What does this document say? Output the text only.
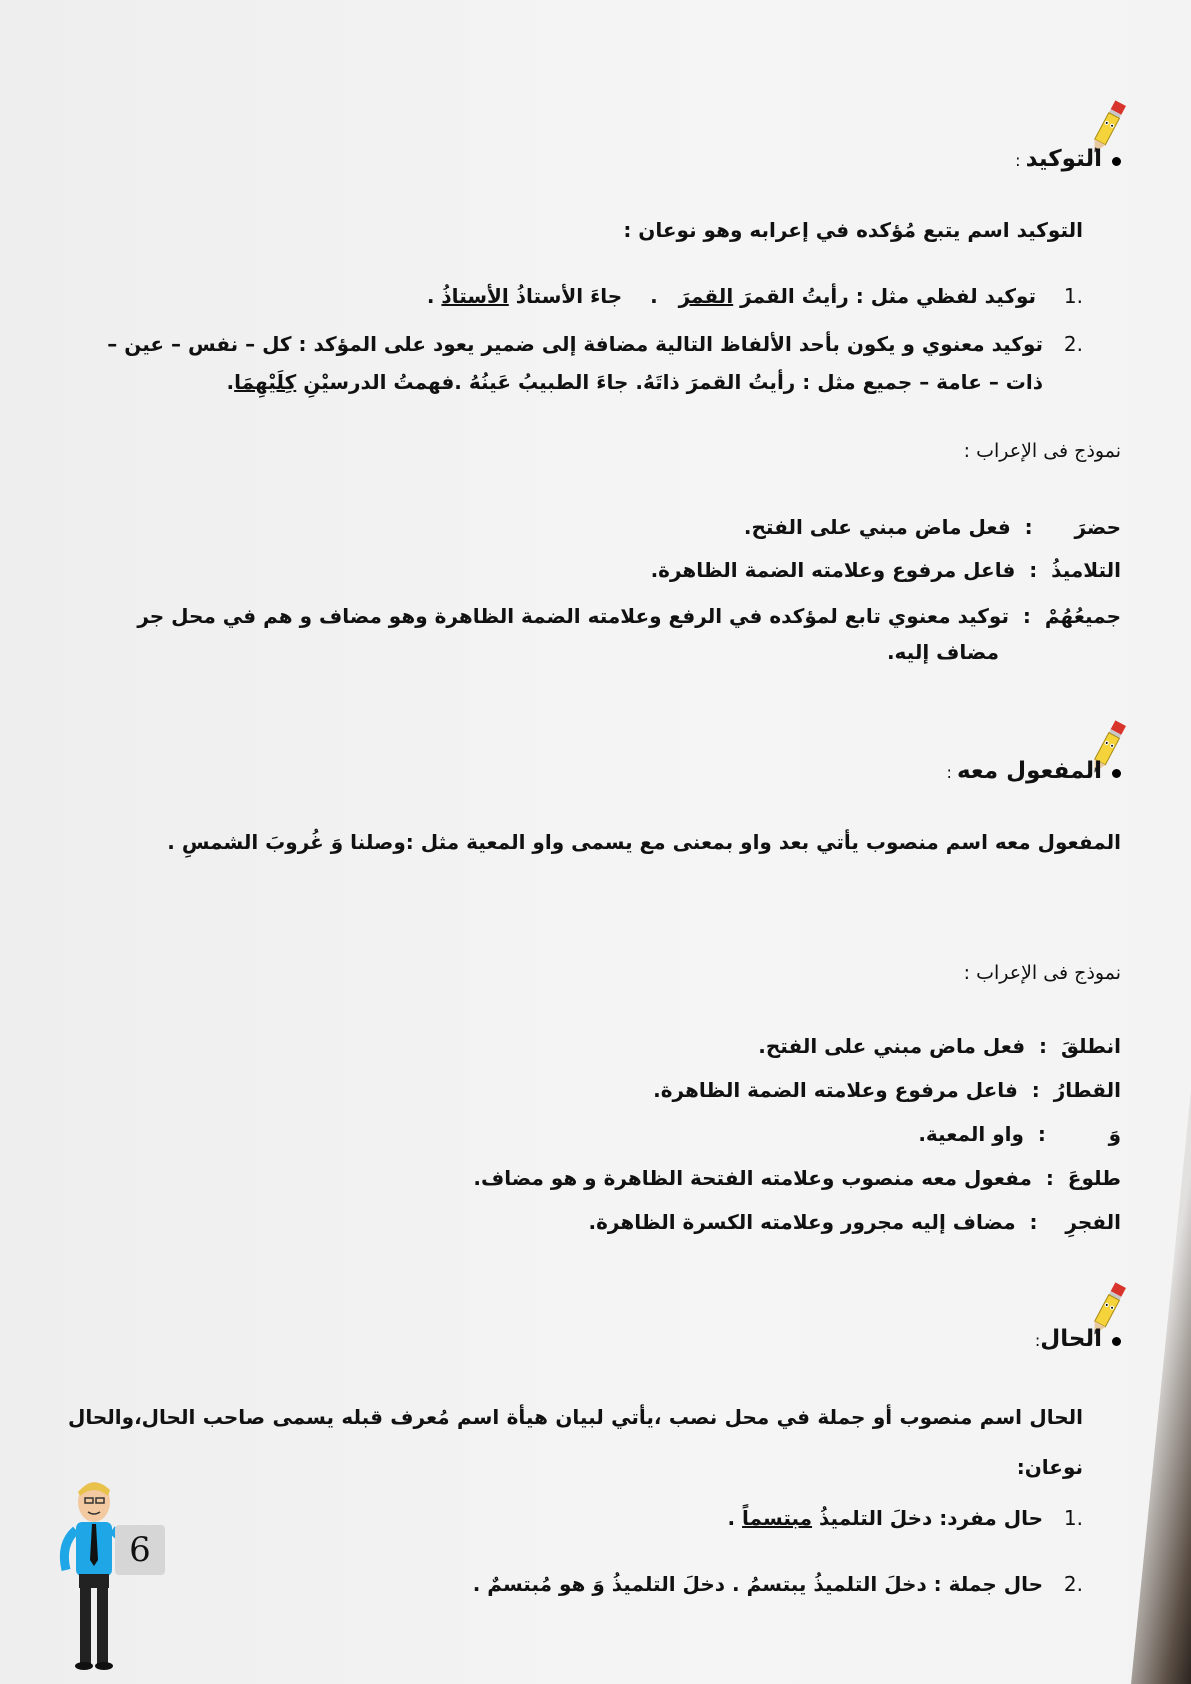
التوكيد :
التوكيد اسم يتبع مُؤكده في إعرابه وهو نوعان :
.1 توكيد لفظي مثل : رأيتُ القمرَ القمرَ   .    جاءَ الأستاذُ الأستاذُ .
.2توكيد معنوي و يكون بأحد الألفاظ التالية مضافة إلى ضمير يعود على المؤكد : كل – نفس – عين –
ذات – عامة – جميع مثل : رأيتُ القمرَ ذاتَهُ. جاءَ الطبيبُ عَينُهُ .فهمتُ الدرسيْنِ كِلَيْهِمَا.
نموذج فى الإعراب :
حضرَ      :  فعل ماض مبني على الفتح.
التلاميذُ  :  فاعل مرفوع وعلامته الضمة الظاهرة.
جميعُهُمْ  :  توكيد معنوي تابع لمؤكده في الرفع وعلامته الضمة الظاهرة وهو مضاف و هم في محل جر
مضاف إليه.
المفعول معه :
المفعول معه اسم منصوب يأتي بعد واو بمعنى مع يسمى واو المعية مثل :وصلنا وَ غُروبَ الشمسِ .
نموذج فى الإعراب :
انطلقَ  :  فعل ماض مبني على الفتح.
القطارُ  :  فاعل مرفوع وعلامته الضمة الظاهرة.
وَ         :  واو المعية.
طلوعَ  :  مفعول معه منصوب وعلامته الفتحة الظاهرة و هو مضاف.
الفجرِ    :  مضاف إليه مجرور وعلامته الكسرة الظاهرة.
الحال:
الحال اسم منصوب أو جملة في محل نصب ،يأتي لبيان هيأة اسم مُعرف قبله يسمى صاحب الحال،والحال نوعان:
.1حال مفرد: دخلَ التلميذُ مبتسماً .
.2حال جملة : دخلَ التلميذُ يبتسمُ . دخلَ التلميذُ وَ هو مُبتسمٌ .
6
